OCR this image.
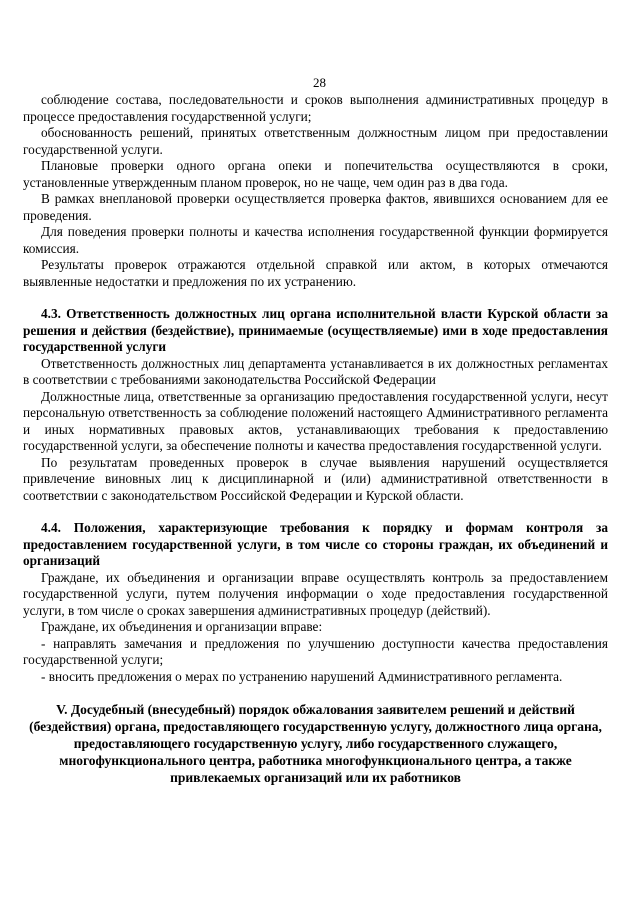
28

соблюдение состава, последовательности и сроков выполнения административных процедур в процессе предоставления государственной услуги;

обоснованность решений, принятых ответственным должностным лицом при предоставлении государственной услуги.

Плановые проверки одного органа опеки и попечительства осуществляются в сроки, установленные утвержденным планом проверок, но не чаще, чем один раз в два года.

В рамках внеплановой проверки осуществляется проверка фактов, явившихся основанием для ее проведения.

Для поведения проверки полноты и качества исполнения государственной функции формируется комиссия.

Результаты проверок отражаются отдельной справкой или актом, в которых отмечаются выявленные недостатки и предложения по их устранению.

4.3. Ответственность должностных лиц органа исполнительной власти Курской области за решения и действия (бездействие), принимаемые (осуществляемые) ими в ходе предоставления государственной услуги

Ответственность должностных лиц департамента устанавливается в их должностных регламентах в соответствии с требованиями законодательства Российской Федерации

Должностные лица, ответственные за организацию предоставления государственной услуги, несут персональную ответственность за соблюдение положений настоящего Административного регламента и иных нормативных правовых актов, устанавливающих требования к предоставлению государственной услуги, за обеспечение полноты и качества предоставления государственной услуги.

По результатам проведенных проверок в случае выявления нарушений осуществляется привлечение виновных лиц к дисциплинарной и (или) административной ответственности в соответствии с законодательством Российской Федерации и Курской области.

4.4. Положения, характеризующие требования к порядку и формам контроля за предоставлением государственной услуги, в том числе со стороны граждан, их объединений и организаций

Граждане, их объединения и организации вправе осуществлять контроль за предоставлением государственной услуги, путем получения информации о ходе предоставления государственной услуги, в том числе о сроках завершения административных процедур (действий).

Граждане, их объединения и организации вправе:

- направлять замечания и предложения по улучшению доступности качества предоставления государственной услуги;

- вносить предложения о мерах по устранению нарушений Административного регламента.

V. Досудебный (внесудебный) порядок обжалования заявителем решений и действий (бездействия) органа, предоставляющего государственную услугу, должностного лица органа, предоставляющего государственную услугу, либо государственного служащего, многофункционального центра, работника многофункционального центра, а также привлекаемых организаций или их работников
